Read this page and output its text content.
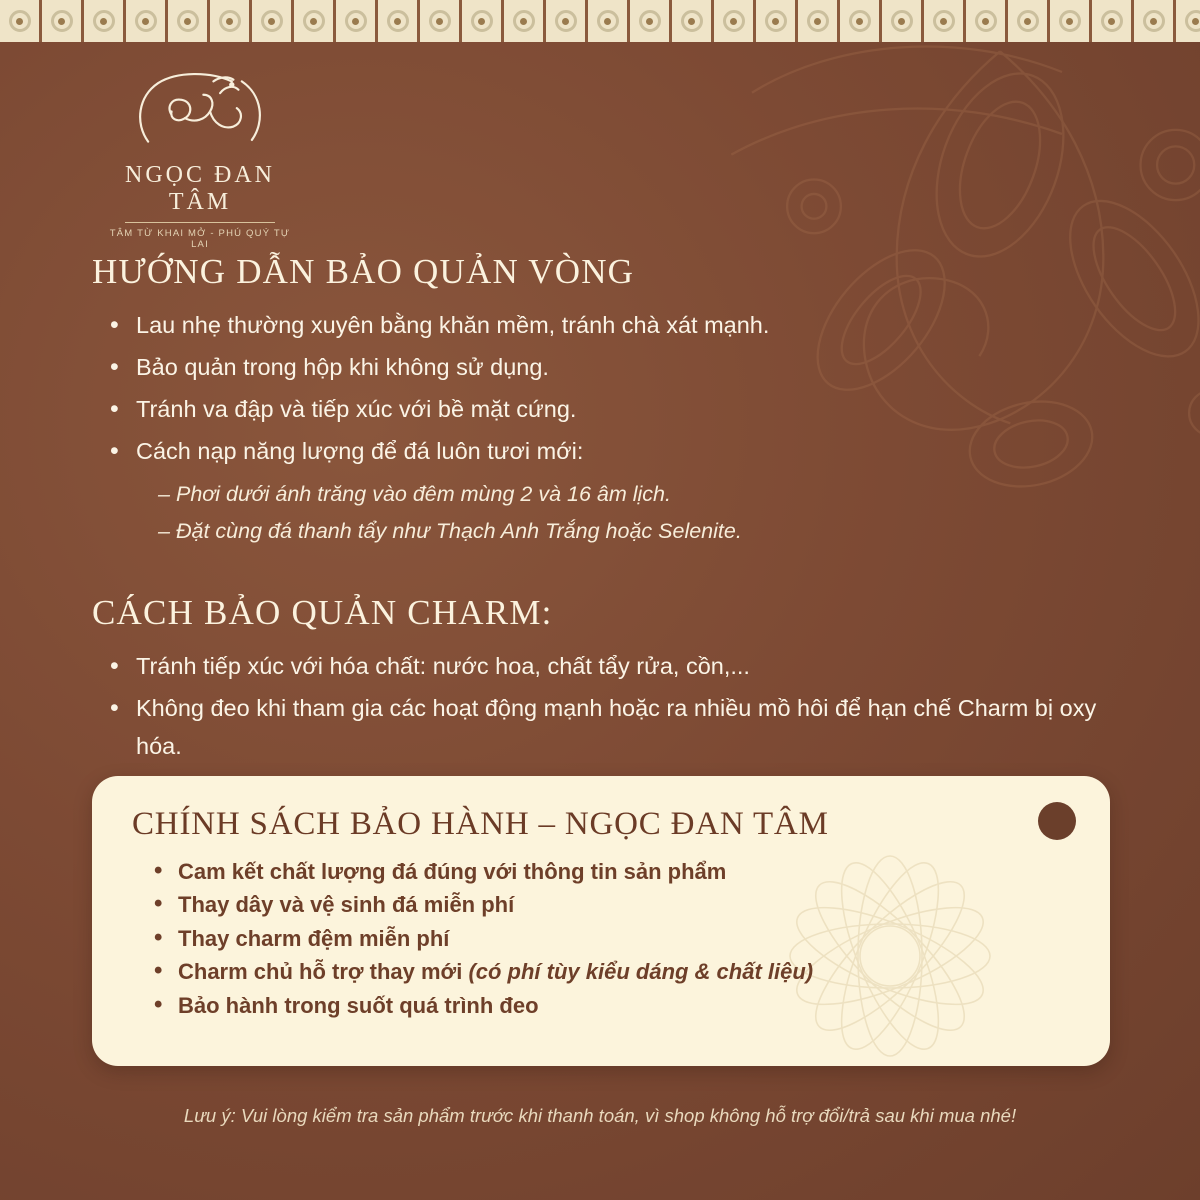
NGỌC ĐAN TÂM
TÂM TỪ KHAI MỞ - PHÚ QUÝ TỰ LAI
HƯỚNG DẪN BẢO QUẢN VÒNG
• Lau nhẹ thường xuyên bằng khăn mềm, tránh chà xát mạnh.
• Bảo quản trong hộp khi không sử dụng.
• Tránh va đập và tiếp xúc với bề mặt cứng.
• Cách nạp năng lượng để đá luôn tươi mới:
– Phơi dưới ánh trăng vào đêm mùng 2 và 16 âm lịch.
– Đặt cùng đá thanh tẩy như Thạch Anh Trắng hoặc Selenite.
CÁCH BẢO QUẢN CHARM:
• Tránh tiếp xúc với hóa chất: nước hoa, chất tẩy rửa, cồn,...
• Không đeo khi tham gia các hoạt động mạnh hoặc ra nhiều mồ hôi để hạn chế Charm bị oxy hóa.
CHÍNH SÁCH BẢO HÀNH – NGỌC ĐAN TÂM
• Cam kết chất lượng đá đúng với thông tin sản phẩm
• Thay dây và vệ sinh đá miễn phí
• Thay charm đệm miễn phí
• Charm chủ hỗ trợ thay mới (có phí tùy kiểu dáng & chất liệu)
• Bảo hành trong suốt quá trình đeo
Lưu ý: Vui lòng kiểm tra sản phẩm trước khi thanh toán, vì shop không hỗ trợ đổi/trả sau khi mua nhé!
